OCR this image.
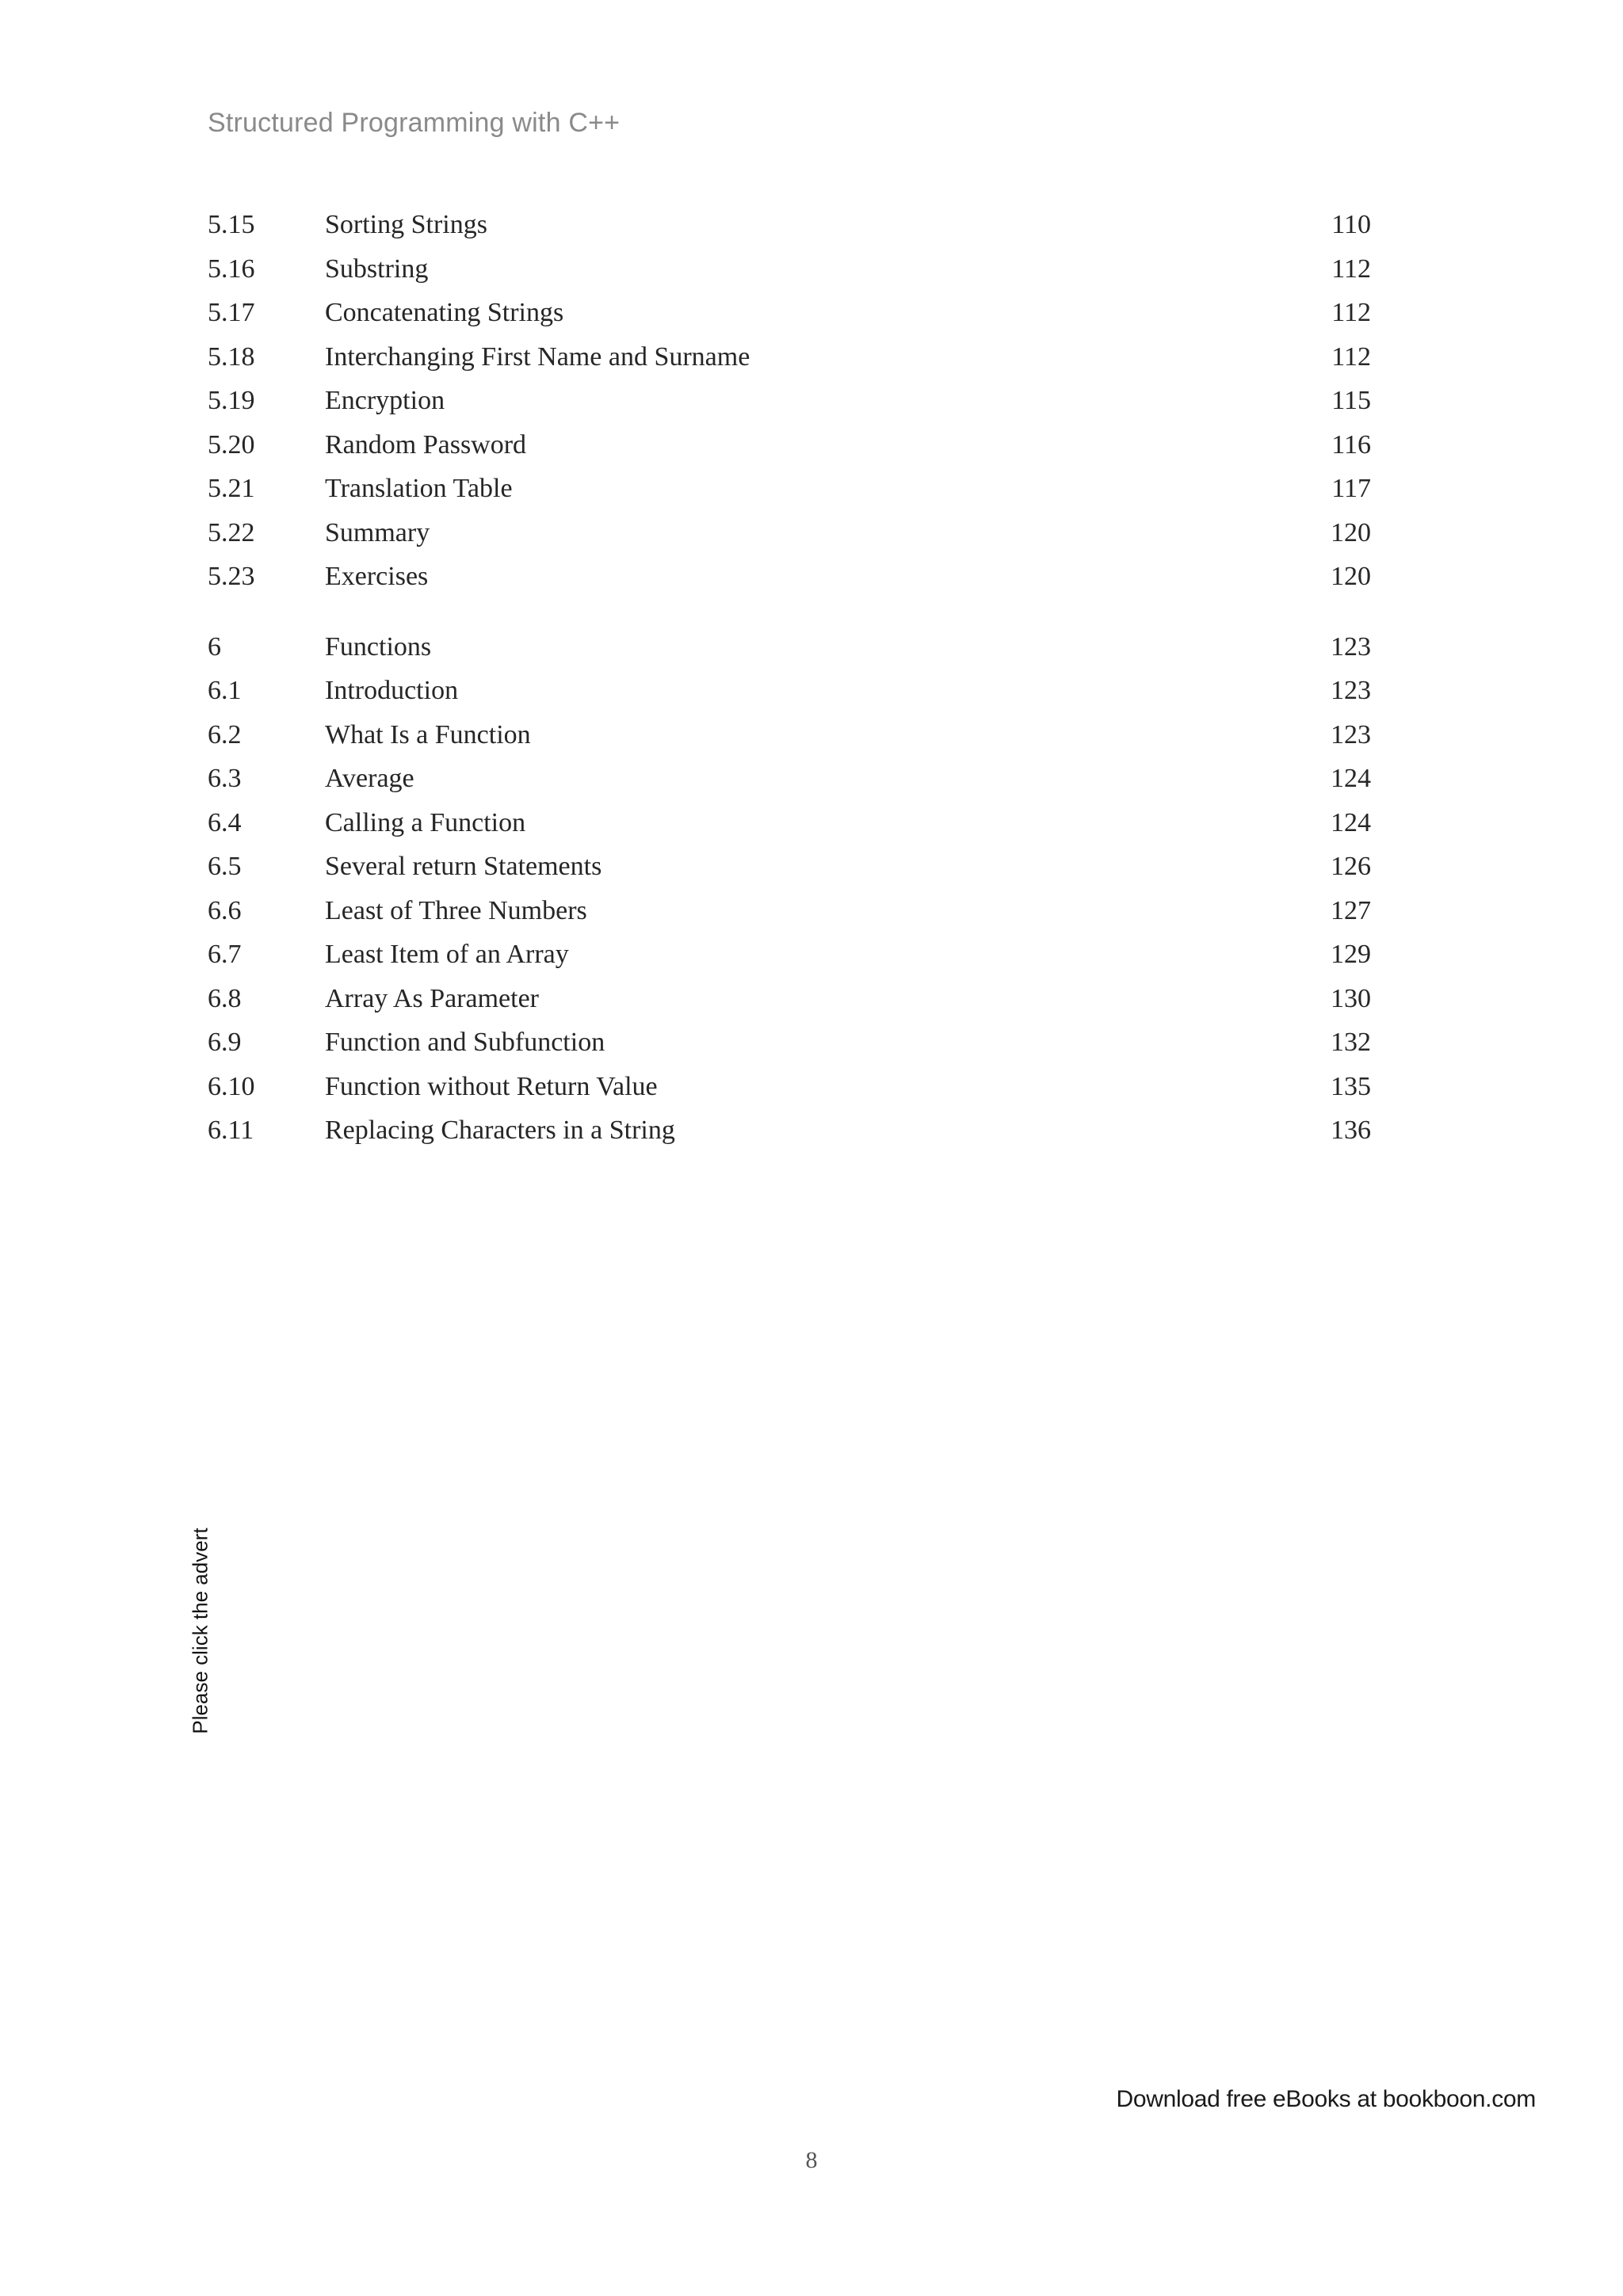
Structured Programming with C++
5.15	Sorting Strings	110
5.16	Substring	112
5.17	Concatenating Strings	112
5.18	Interchanging First Name and Surname	112
5.19	Encryption	115
5.20	Random Password	116
5.21	Translation Table	117
5.22	Summary	120
5.23	Exercises	120
6	Functions	123
6.1	Introduction	123
6.2	What Is a Function	123
6.3	Average	124
6.4	Calling a Function	124
6.5	Several return Statements	126
6.6	Least of Three Numbers	127
6.7	Least Item of an Array	129
6.8	Array As Parameter	130
6.9	Function and Subfunction	132
6.10	Function without Return Value	135
6.11	Replacing Characters in a String	136
Please click the advert
Download free eBooks at bookboon.com
8
